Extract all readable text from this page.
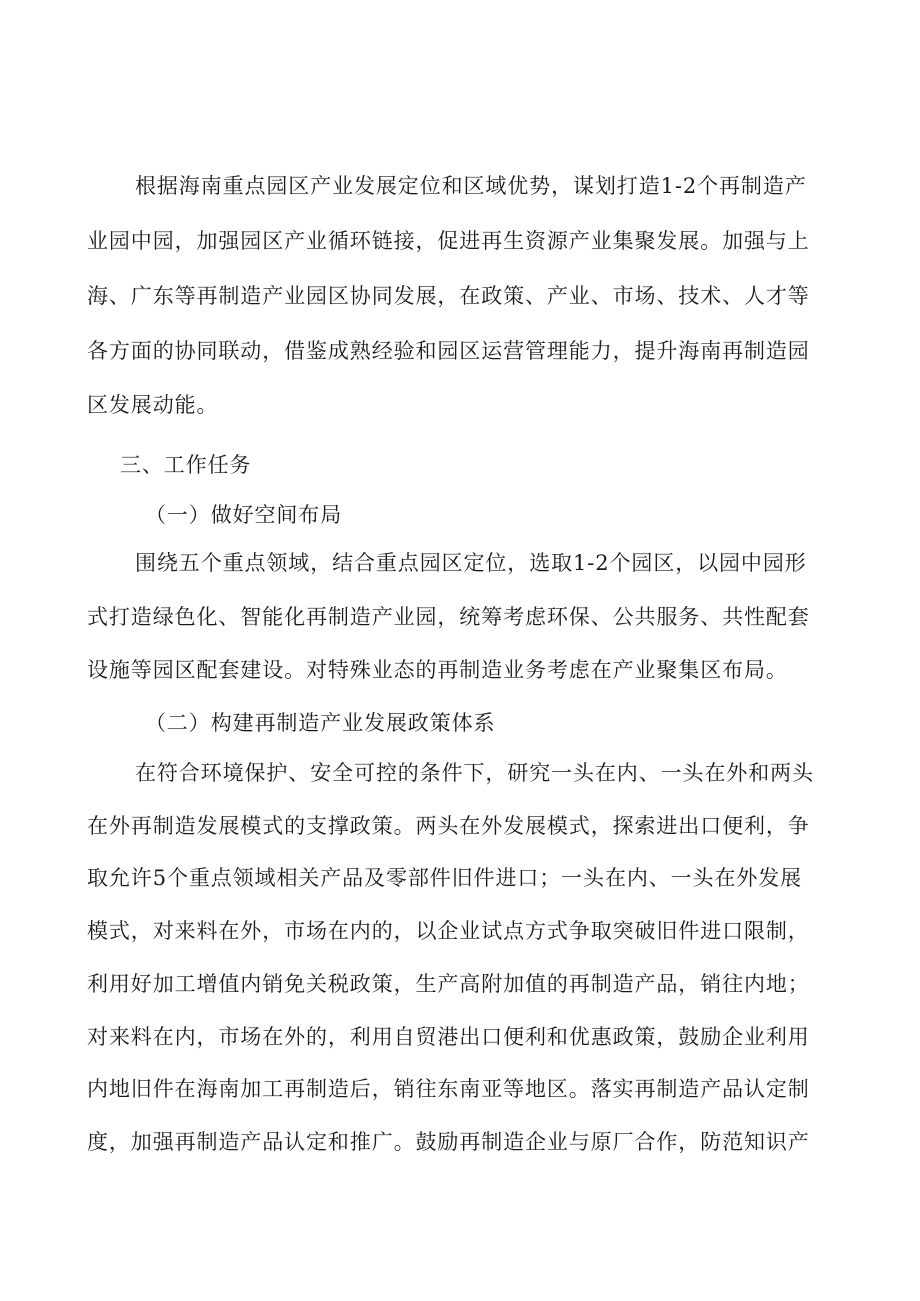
根据海南重点园区产业发展定位和区域优势，谋划打造1-2个再制造产
业园中园，加强园区产业循环链接，促进再生资源产业集聚发展。加强与上
海、广东等再制造产业园区协同发展，在政策、产业、市场、技术、人才等
各方面的协同联动，借鉴成熟经验和园区运营管理能力，提升海南再制造园
区发展动能。
三、工作任务
（一）做好空间布局
围绕五个重点领域，结合重点园区定位，选取1-2个园区，以园中园形
式打造绿色化、智能化再制造产业园，统筹考虑环保、公共服务、共性配套
设施等园区配套建设。对特殊业态的再制造业务考虑在产业聚集区布局。
（二）构建再制造产业发展政策体系
在符合环境保护、安全可控的条件下，研究一头在内、一头在外和两头
在外再制造发展模式的支撑政策。两头在外发展模式，探索进出口便利，争
取允许5个重点领域相关产品及零部件旧件进口；一头在内、一头在外发展
模式，对来料在外，市场在内的，以企业试点方式争取突破旧件进口限制，
利用好加工增值内销免关税政策，生产高附加值的再制造产品，销往内地；
对来料在内，市场在外的，利用自贸港出口便利和优惠政策，鼓励企业利用
内地旧件在海南加工再制造后，销往东南亚等地区。落实再制造产品认定制
度，加强再制造产品认定和推广。鼓励再制造企业与原厂合作，防范知识产
